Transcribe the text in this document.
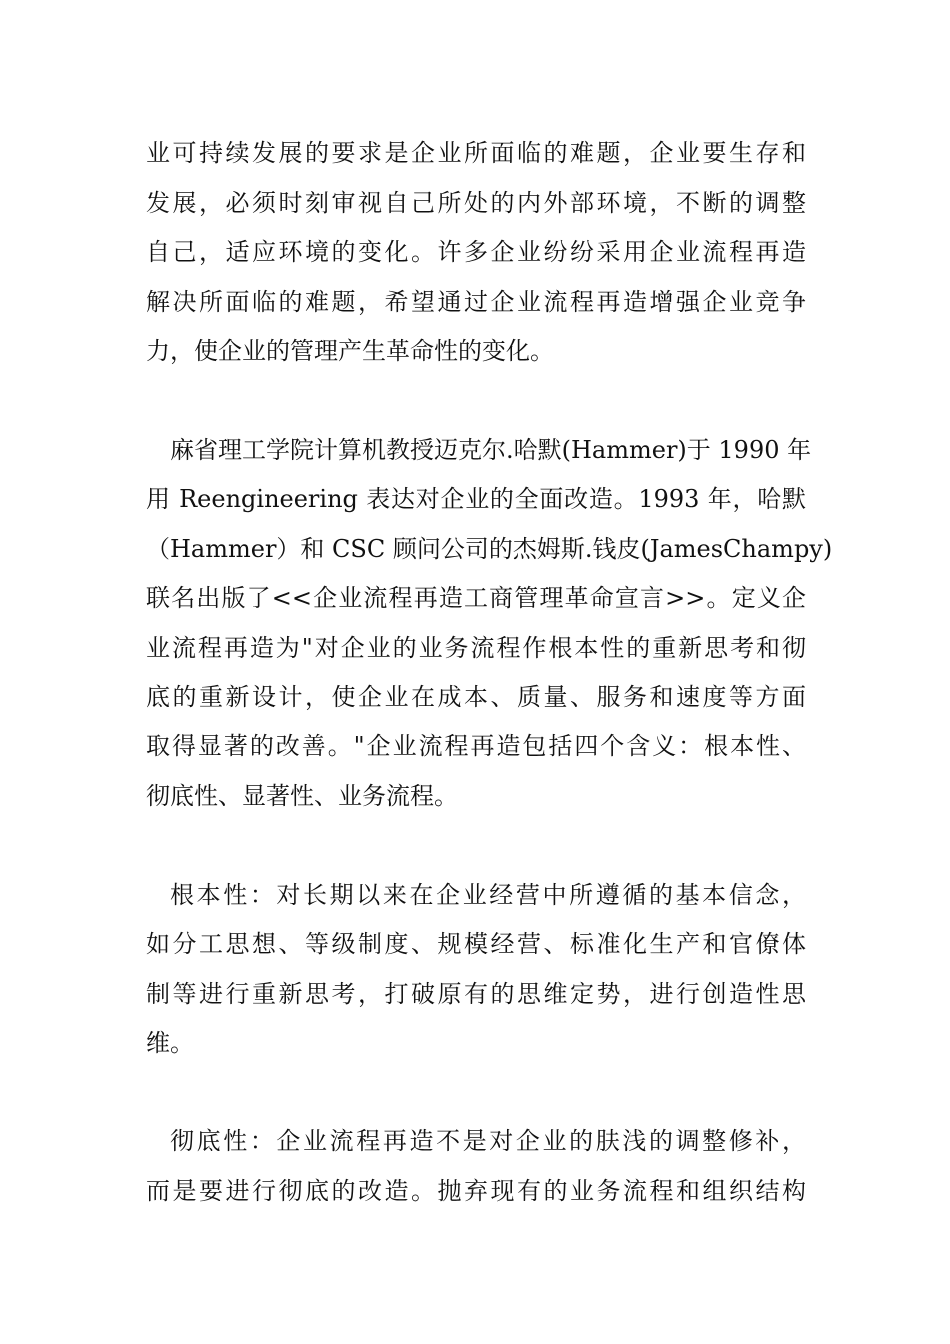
业可持续发展的要求是企业所面临的难题，企业要生存和
发展，必须时刻审视自己所处的内外部环境，不断的调整
自己，适应环境的变化。许多企业纷纷采用企业流程再造
解决所面临的难题，希望通过企业流程再造增强企业竞争
力，使企业的管理产生革命性的变化。
麻省理工学院计算机教授迈克尔.哈默(Hammer)于 1990 年
用 Reengineering 表达对企业的全面改造。1993 年，哈默
（Hammer）和 CSC 顾问公司的杰姆斯.钱皮(JamesChampy)
联名出版了<<企业流程再造工商管理革命宣言>>。定义企
业流程再造为"对企业的业务流程作根本性的重新思考和彻
底的重新设计，使企业在成本、质量、服务和速度等方面
取得显著的改善。"企业流程再造包括四个含义：根本性、
彻底性、显著性、业务流程。
根本性：对长期以来在企业经营中所遵循的基本信念，
如分工思想、等级制度、规模经营、标准化生产和官僚体
制等进行重新思考，打破原有的思维定势，进行创造性思
维。
彻底性：企业流程再造不是对企业的肤浅的调整修补，
而是要进行彻底的改造。抛弃现有的业务流程和组织结构
